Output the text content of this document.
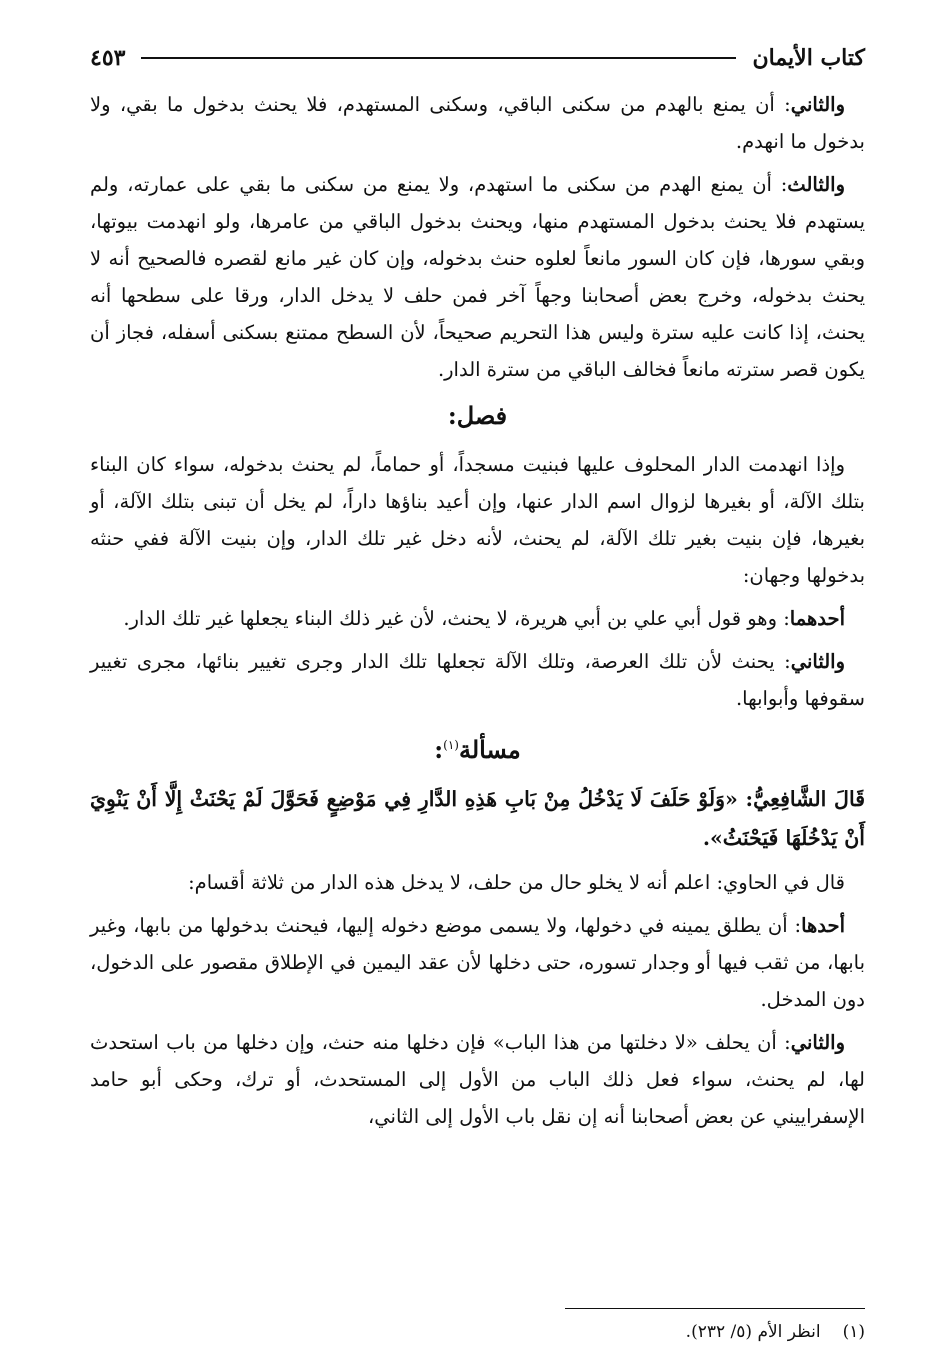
كتاب الأيمان
٤٥٣

والثاني: أن يمنع بالهدم من سكنى الباقي، وسكنى المستهدم، فلا يحنث بدخول ما بقي، ولا بدخول ما انهدم.

والثالث: أن يمنع الهدم من سكنى ما استهدم، ولا يمنع من سكنى ما بقي على عمارته، ولم يستهدم فلا يحنث بدخول المستهدم منها، ويحنث بدخول الباقي من عامرها، ولو انهدمت بيوتها، وبقي سورها، فإن كان السور مانعاً لعلوه حنث بدخوله، وإن كان غير مانع لقصره فالصحيح أنه لا يحنث بدخوله، وخرج بعض أصحابنا وجهاً آخر فمن حلف لا يدخل الدار، ورقا على سطحها أنه يحنث، إذا كانت عليه سترة وليس هذا التحريم صحيحاً، لأن السطح ممتنع بسكنى أسفله، فجاز أن يكون قصر سترته مانعاً فخالف الباقي من سترة الدار.

فصل:

وإذا انهدمت الدار المحلوف عليها فبنيت مسجداً، أو حماماً، لم يحنث بدخوله، سواء كان البناء بتلك الآلة، أو بغيرها لزوال اسم الدار عنها، وإن أعيد بناؤها داراً، لم يخل أن تبنى بتلك الآلة، أو بغيرها، فإن بنيت بغير تلك الآلة، لم يحنث، لأنه دخل غير تلك الدار، وإن بنيت الآلة ففي حنثه بدخولها وجهان:

أحدهما: وهو قول أبي علي بن أبي هريرة، لا يحنث، لأن غير ذلك البناء يجعلها غير تلك الدار.

والثاني: يحنث لأن تلك العرصة، وتلك الآلة تجعلها تلك الدار وجرى تغيير بنائها، مجرى تغيير سقوفها وأبوابها.

مسألة$^{(١)}$:

قَالَ الشَّافِعِيُّ: «وَلَوْ حَلَفَ لَا يَدْخُلُ مِنْ بَابِ هَذِهِ الدَّارِ فِي مَوْضِعٍ فَحَوَّلَ لَمْ يَحْنَثْ إِلَّا أَنْ يَنْوِيَ أَنْ يَدْخُلَهَا فَيَحْنَثُ».

قال في الحاوي: اعلم أنه لا يخلو حال من حلف، لا يدخل هذه الدار من ثلاثة أقسام:

أحدها: أن يطلق يمينه في دخولها، ولا يسمى موضع دخوله إليها، فيحنث بدخولها من بابها، وغير بابها، من ثقب فيها أو وجدار تسوره، حتى دخلها لأن عقد اليمين في الإطلاق مقصور على الدخول، دون المدخل.

والثاني: أن يحلف «لا دخلتها من هذا الباب» فإن دخلها منه حنث، وإن دخلها من باب استحدث لها، لم يحنث، سواء فعل ذلك الباب من الأول إلى المستحدث، أو ترك، وحكى أبو حامد الإسفراييني عن بعض أصحابنا أنه إن نقل باب الأول إلى الثاني،

(١)انظر الأم (٥/ ٢٣٢).
